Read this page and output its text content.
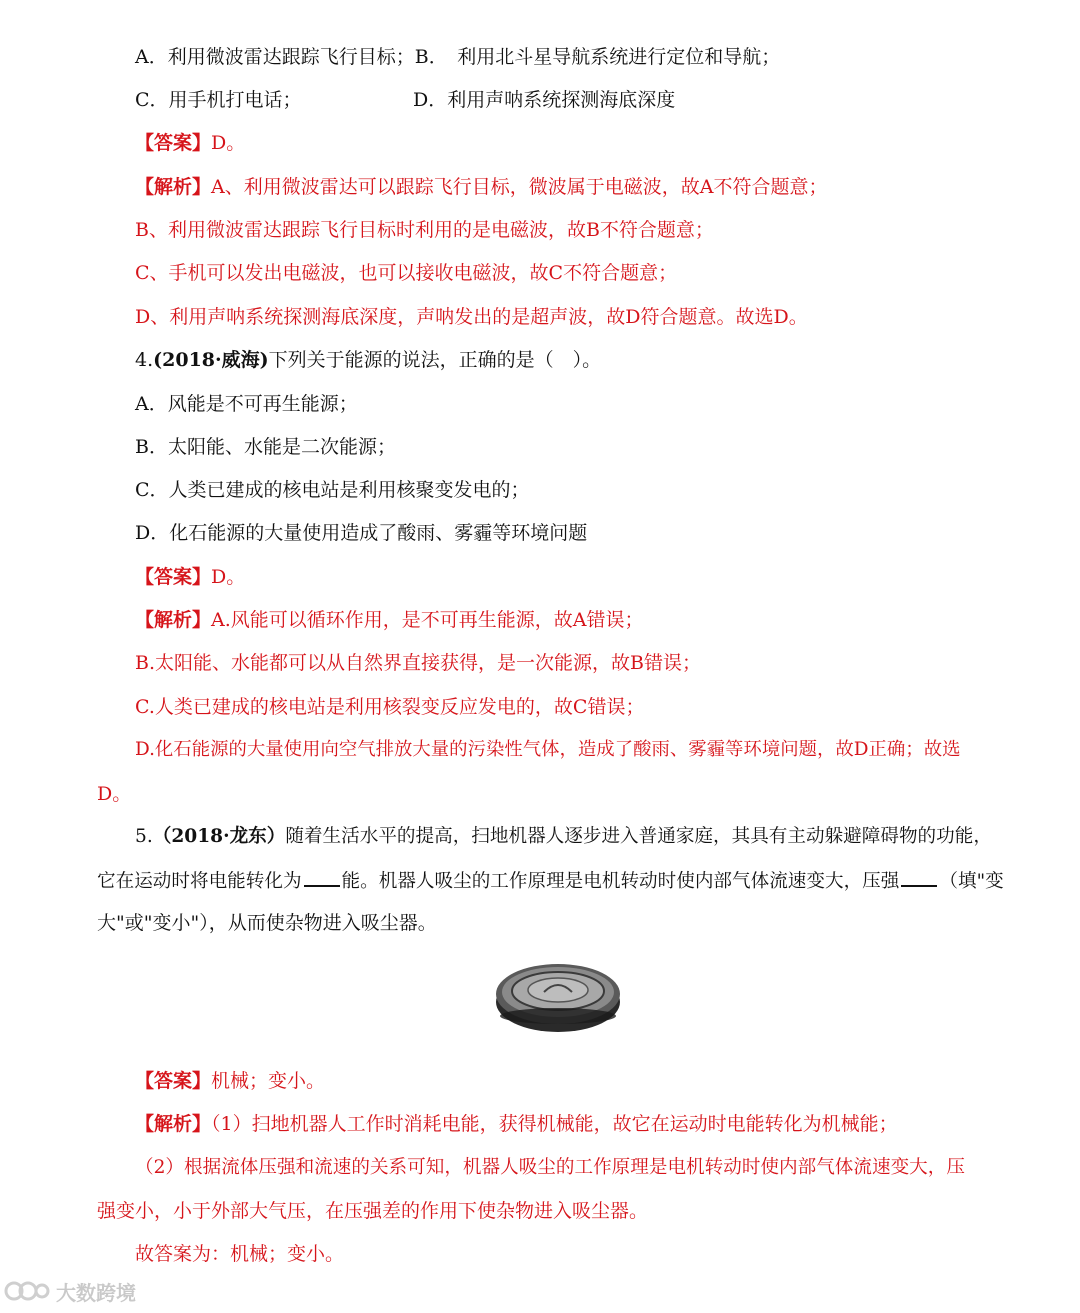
A．利用微波雷达跟踪飞行目标；B．　利用北斗星导航系统进行定位和导航；
C．用手机打电话；	D．利用声呐系统探测海底深度
【答案】D。
【解析】A、利用微波雷达可以跟踪飞行目标，微波属于电磁波，故A不符合题意；
B、利用微波雷达跟踪飞行目标时利用的是电磁波，故B不符合题意；
C、手机可以发出电磁波，也可以接收电磁波，故C不符合题意；
D、利用声呐系统探测海底深度，声呐发出的是超声波，故D符合题意。故选D。
4.(2018·威海)下列关于能源的说法，正确的是（　）。
A．风能是不可再生能源；
B．太阳能、水能是二次能源；
C．人类已建成的核电站是利用核聚变发电的；
D．化石能源的大量使用造成了酸雨、雾霾等环境问题
【答案】D。
【解析】A.风能可以循环作用，是不可再生能源，故A错误；
B.太阳能、水能都可以从自然界直接获得，是一次能源，故B错误；
C.人类已建成的核电站是利用核裂变反应发电的，故C错误；
D.化石能源的大量使用向空气排放大量的污染性气体，造成了酸雨、雾霾等环境问题，故D正确；故选
D。
5.（2018·龙东）随着生活水平的提高，扫地机器人逐步进入普通家庭，其具有主动躲避障碍物的功能，
它在运动时将电能转化为 能。机器人吸尘的工作原理是电机转动时使内部气体流速变大，压强 （填"变
大"或"变小"），从而使杂物进入吸尘器。
【答案】机械；变小。
【解析】（1）扫地机器人工作时消耗电能，获得机械能，故它在运动时电能转化为机械能；
（2）根据流体压强和流速的关系可知，机器人吸尘的工作原理是电机转动时使内部气体流速变大，压
强变小，小于外部大气压，在压强差的作用下使杂物进入吸尘器。
故答案为：机械；变小。
大数跨境
